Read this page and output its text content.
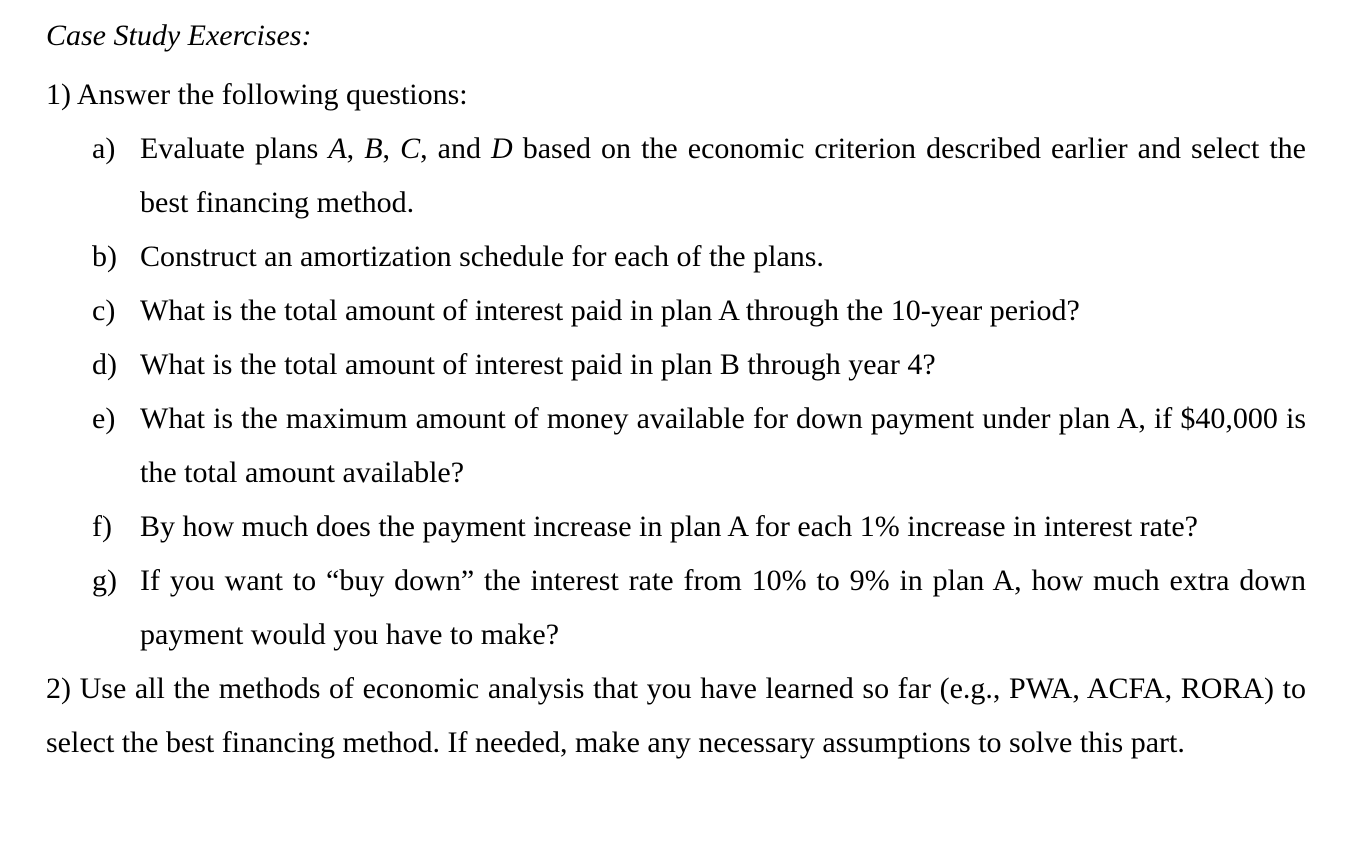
Case Study Exercises:
1) Answer the following questions:
a) Evaluate plans A, B, C, and D based on the economic criterion described earlier and select the best financing method.
b) Construct an amortization schedule for each of the plans.
c) What is the total amount of interest paid in plan A through the 10-year period?
d) What is the total amount of interest paid in plan B through year 4?
e) What is the maximum amount of money available for down payment under plan A, if $40,000 is the total amount available?
f) By how much does the payment increase in plan A for each 1% increase in interest rate?
g) If you want to “buy down” the interest rate from 10% to 9% in plan A, how much extra down payment would you have to make?
2) Use all the methods of economic analysis that you have learned so far (e.g., PWA, ACFA, RORA) to select the best financing method. If needed, make any necessary assumptions to solve this part.
